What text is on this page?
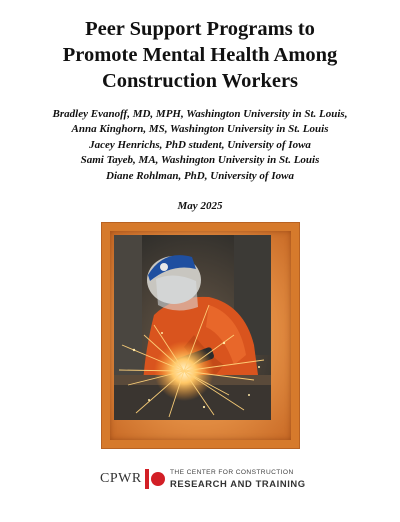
Peer Support Programs to
Promote Mental Health Among
Construction Workers
Bradley Evanoff, MD, MPH, Washington University in St. Louis,
Anna Kinghorn, MS, Washington University in St. Louis
Jacey Henrichs, PhD student, University of Iowa
Sami Tayeb, MA, Washington University in St. Louis
Diane Rohlman, PhD, University of Iowa
May 2025
CPWR	THE CENTER FOR CONSTRUCTION
RESEARCH AND TRAINING
